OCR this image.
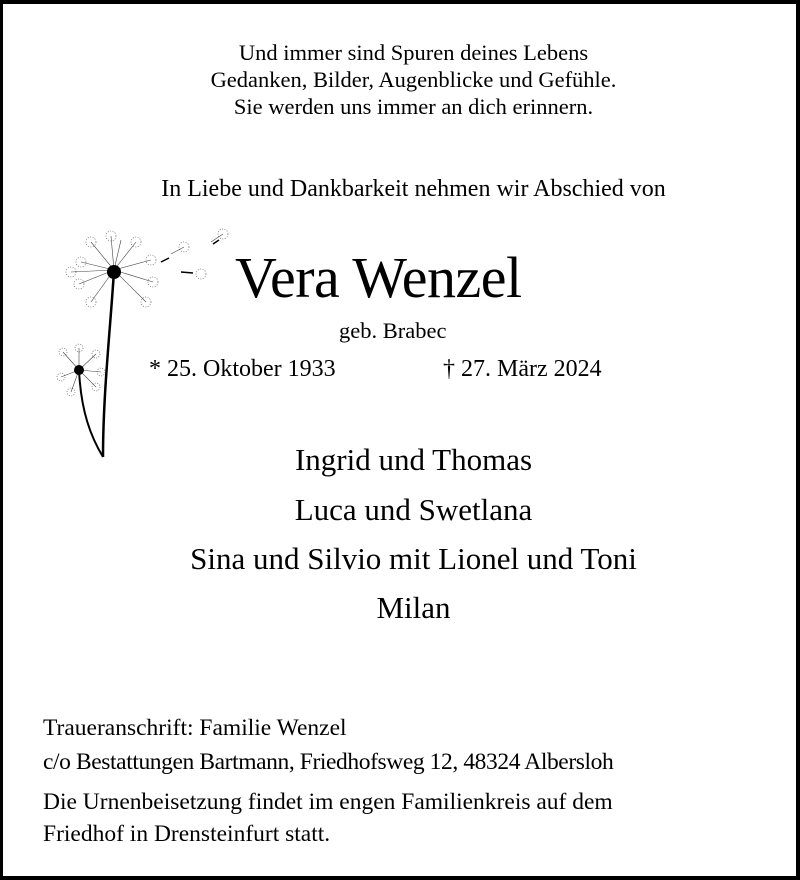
Und immer sind Spuren deines Lebens
Gedanken, Bilder, Augenblicke und Gefühle.
Sie werden uns immer an dich erinnern.
In Liebe und Dankbarkeit nehmen wir Abschied von
Vera Wenzel
geb. Brabec
* 25. Oktober 1933	† 27. März 2024
Ingrid und Thomas
Luca und Swetlana
Sina und Silvio mit Lionel und Toni
Milan
Traueranschrift: Familie Wenzel
c/o Bestattungen Bartmann, Friedhofsweg 12, 48324 Albersloh
Die Urnenbeisetzung findet im engen Familienkreis auf dem
Friedhof in Drensteinfurt statt.
